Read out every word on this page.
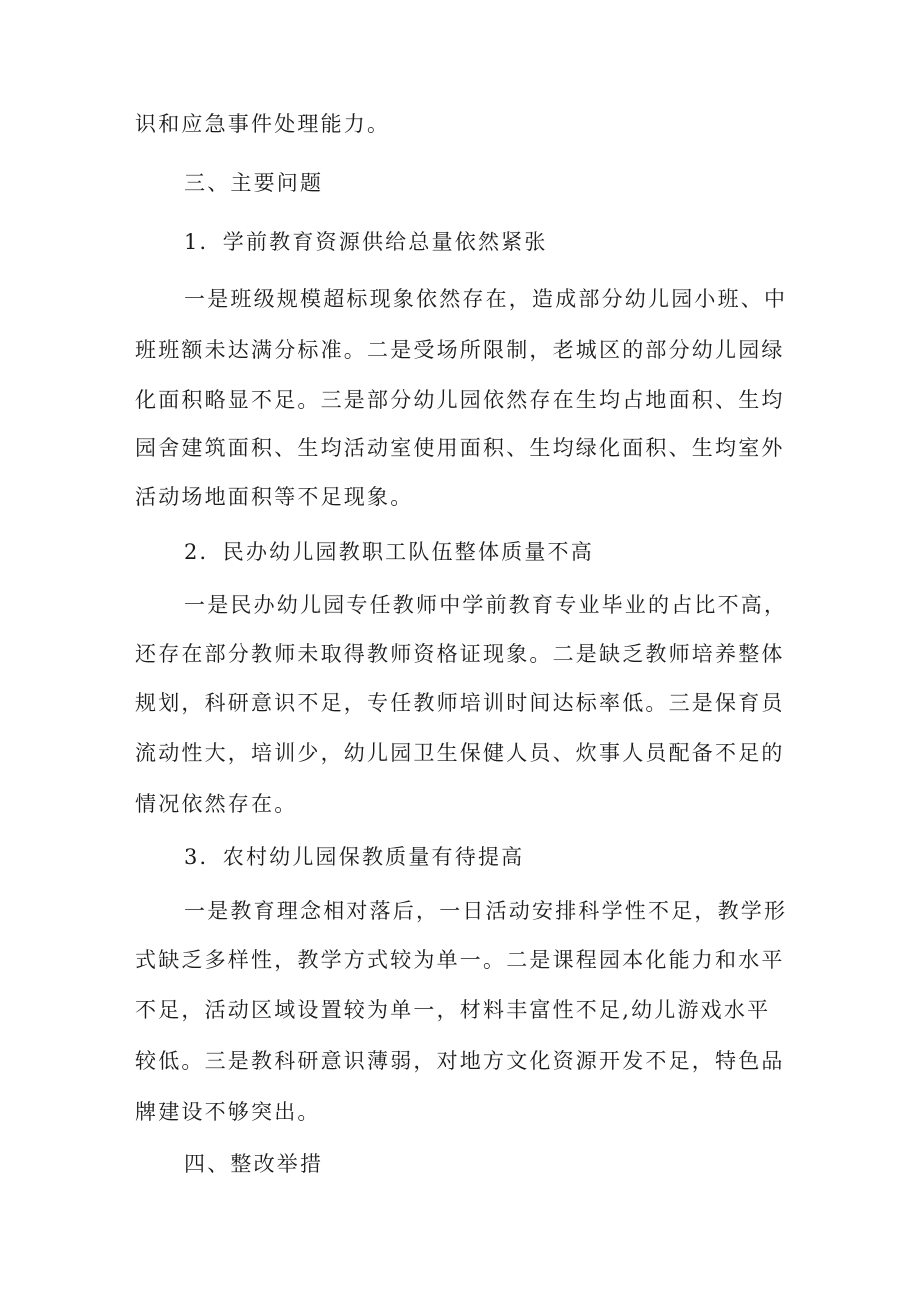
识和应急事件处理能力。
三、主要问题
1．学前教育资源供给总量依然紧张
一是班级规模超标现象依然存在，造成部分幼儿园小班、中
班班额未达满分标准。二是受场所限制，老城区的部分幼儿园绿
化面积略显不足。三是部分幼儿园依然存在生均占地面积、生均
园舍建筑面积、生均活动室使用面积、生均绿化面积、生均室外
活动场地面积等不足现象。
2．民办幼儿园教职工队伍整体质量不高
一是民办幼儿园专任教师中学前教育专业毕业的占比不高，
还存在部分教师未取得教师资格证现象。二是缺乏教师培养整体
规划，科研意识不足，专任教师培训时间达标率低。三是保育员
流动性大，培训少，幼儿园卫生保健人员、炊事人员配备不足的
情况依然存在。
3．农村幼儿园保教质量有待提高
一是教育理念相对落后，一日活动安排科学性不足，教学形
式缺乏多样性，教学方式较为单一。二是课程园本化能力和水平
不足，活动区域设置较为单一，材料丰富性不足,幼儿游戏水平
较低。三是教科研意识薄弱，对地方文化资源开发不足，特色品
牌建设不够突出。
四、整改举措
